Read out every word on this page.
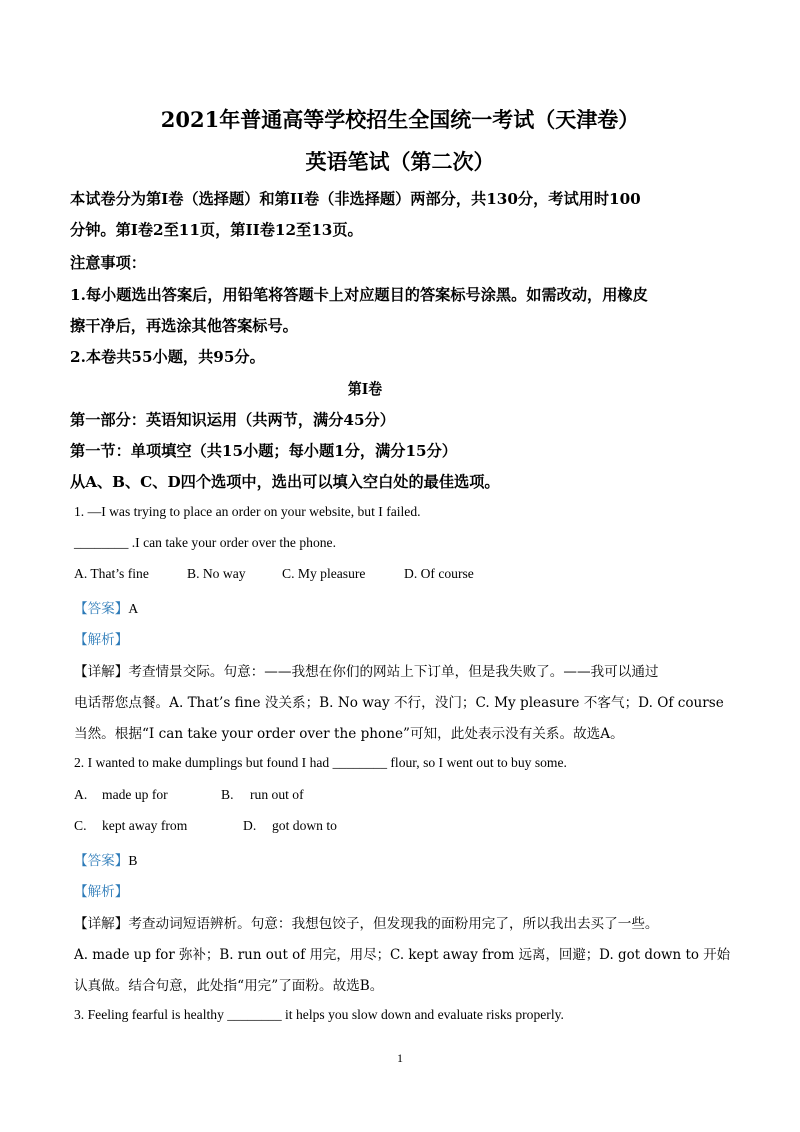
2021年普通高等学校招生全国统一考试（天津卷）
英语笔试（第二次）
本试卷分为第I卷（选择题）和第II卷（非选择题）两部分，共130分，考试用时100
分钟。第I卷2至11页，第II卷12至13页。
注意事项：
1.每小题选出答案后，用铅笔将答题卡上对应题目的答案标号涂黑。如需改动，用橡皮
擦干净后，再选涂其他答案标号。
2.本卷共55小题，共95分。
第I卷
第一部分：英语知识运用（共两节，满分45分）
第一节：单项填空（共15小题；每小题1分，满分15分）
从A、B、C、D四个选项中，选出可以填入空白处的最佳选项。
1. —I was trying to place an order on your website, but I failed.
________ .I can take your order over the phone.
A. That’s fine	B. No way	C. My pleasure	D. Of course
【答案】A
【解析】
【详解】考查情景交际。句意：——我想在你们的网站上下订单，但是我失败了。——我可以通过
电话帮您点餐。A. That’s fine 没关系；B. No way 不行，没门；C. My pleasure 不客气；D. Of course
当然。根据“I can take your order over the phone”可知，此处表示没有关系。故选A。
2. I wanted to make dumplings but found I had ________ flour, so I went out to buy some.
A. made up for	B. run out of
C. kept away from	D. got down to
【答案】B
【解析】
【详解】考查动词短语辨析。句意：我想包饺子，但发现我的面粉用完了，所以我出去买了一些。
A. made up for 弥补；B. run out of 用完，用尽；C. kept away from 远离，回避；D. got down to 开始
认真做。结合句意，此处指“用完”了面粉。故选B。
3. Feeling fearful is healthy ________ it helps you slow down and evaluate risks properly.
1
